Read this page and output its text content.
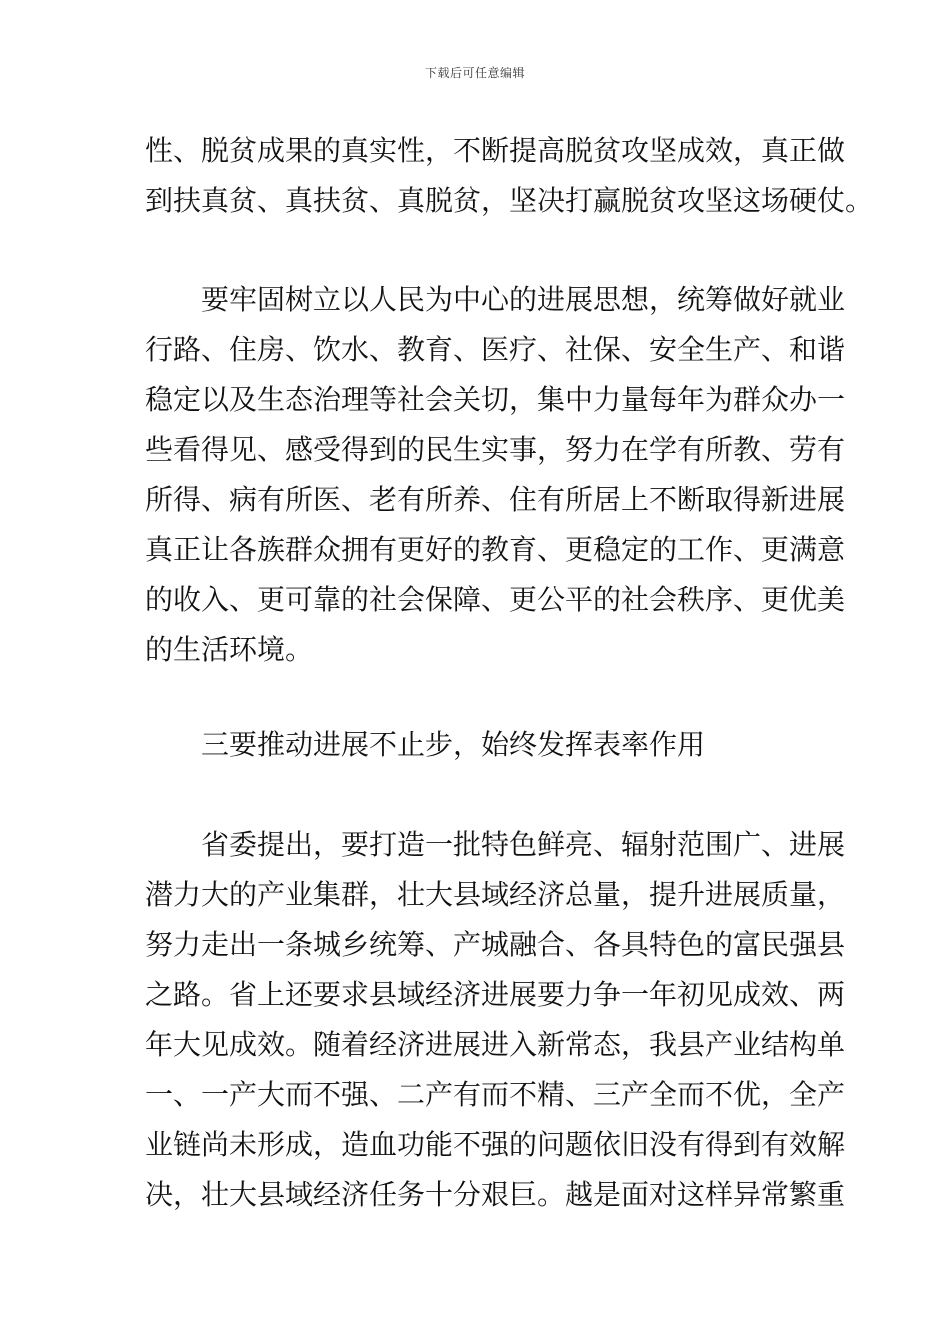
下载后可任意编辑
性、脱贫成果的真实性，不断提高脱贫攻坚成效，真正做
到扶真贫、真扶贫、真脱贫，坚决打赢脱贫攻坚这场硬仗。
要牢固树立以人民为中心的进展思想，统筹做好就业
行路、住房、饮水、教育、医疗、社保、安全生产、和谐
稳定以及生态治理等社会关切，集中力量每年为群众办一
些看得见、感受得到的民生实事，努力在学有所教、劳有
所得、病有所医、老有所养、住有所居上不断取得新进展
真正让各族群众拥有更好的教育、更稳定的工作、更满意
的收入、更可靠的社会保障、更公平的社会秩序、更优美
的生活环境。
三要推动进展不止步，始终发挥表率作用
省委提出，要打造一批特色鲜亮、辐射范围广、进展
潜力大的产业集群，壮大县域经济总量，提升进展质量，
努力走出一条城乡统筹、产城融合、各具特色的富民强县
之路。省上还要求县域经济进展要力争一年初见成效、两
年大见成效。随着经济进展进入新常态，我县产业结构单
一、一产大而不强、二产有而不精、三产全而不优，全产
业链尚未形成，造血功能不强的问题依旧没有得到有效解
决，壮大县域经济任务十分艰巨。越是面对这样异常繁重
